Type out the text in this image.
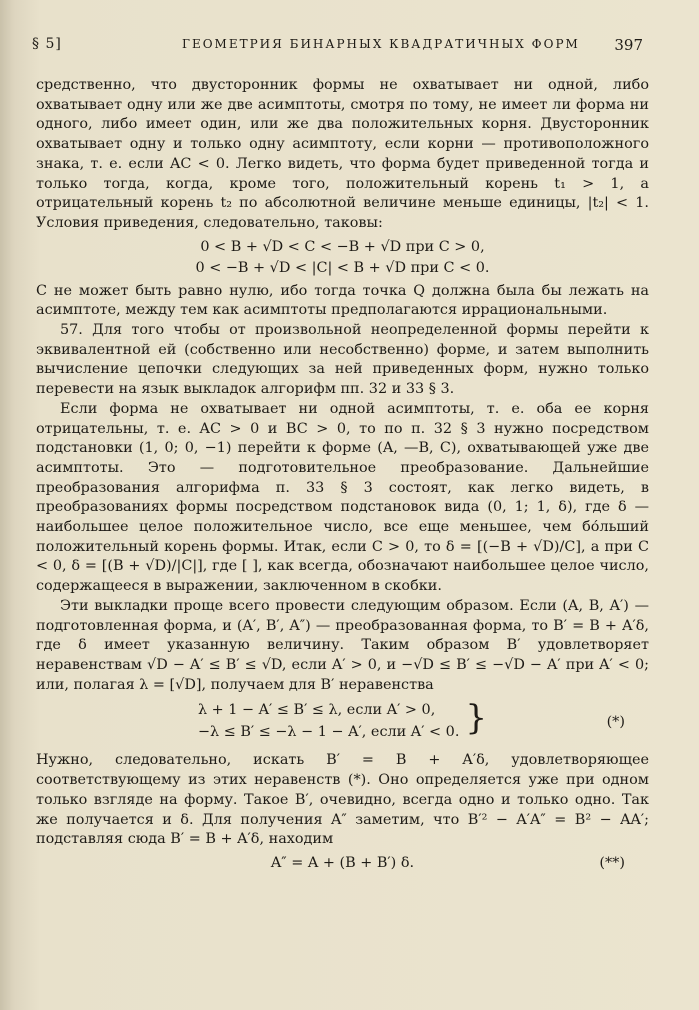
§ 5]	ГЕОМЕТРИЯ БИНАРНЫХ КВАДРАТИЧНЫХ ФОРМ 397

средственно, что двусторонник формы не охватывает ни одной, либо охватывает одну или же две асимптоты, смотря по тому, не имеет ли форма ни одного, либо имеет один, или же два положительных корня. Двусторонник охватывает одну и только одну асимптоту, если корни — противоположного знака, т. е. если AC < 0. Легко видеть, что форма будет приведенной тогда и только тогда, когда, кроме того, положительный корень t₁ > 1, а отрицательный корень t₂ по абсолютной величине меньше единицы, |t₂| < 1. Условия приведения, следовательно, таковы:

0 < B + √D < C < −B + √D при C > 0,
0 < −B + √D < |C| < B + √D при C < 0.

C не может быть равно нулю, ибо тогда точка Q должна была бы лежать на асимптоте, между тем как асимптоты предполагаются иррациональными.

57. Для того чтобы от произвольной неопределенной формы перейти к эквивалентной ей (собственно или несобственно) форме, и затем выполнить вычисление цепочки следующих за ней приведенных форм, нужно только перевести на язык выкладок алгорифм пп. 32 и 33 § 3.

Если форма не охватывает ни одной асимптоты, т. е. оба ее корня отрицательны, т. е. AC > 0 и BC > 0, то по п. 32 § 3 нужно посредством подстановки (1, 0; 0, −1) перейти к форме (A, —B, C), охватывающей уже две асимптоты. Это — подготовительное преобразование. Дальнейшие преобразования алгорифма п. 33 § 3 состоят, как легко видеть, в преобразованиях формы посредством подстановок вида (0, 1; 1, δ), где δ — наибольшее целое положительное число, все еще меньшее, чем бо́льший положительный корень формы. Итак, если C > 0, то δ = [(−B + √D)/C], а при C < 0, δ = [(B + √D)/|C|], где [ ], как всегда, обозначают наибольшее целое число, содержащееся в выражении, заключенном в скобки.

Эти выкладки проще всего провести следующим образом. Если (A, B, A′) — подготовленная форма, и (A′, B′, A″) — преобразованная форма, то B′ = B + A′δ, где δ имеет указанную величину. Таким образом B′ удовлетворяет неравенствам √D − A′ ≤ B′ ≤ √D, если A′ > 0, и −√D ≤ B′ ≤ −√D − A′ при A′ < 0; или, полагая λ = [√D], получаем для B′ неравенства

λ + 1 − A′ ≤ B′ ≤ λ, если A′ > 0,
−λ ≤ B′ ≤ −λ − 1 − A′, если A′ < 0. }	(*)

Нужно, следовательно, искать B′ = B + A′δ, удовлетворяющее соответствующему из этих неравенств (*). Оно определяется уже при одном только взгляде на форму. Такое B′, очевидно, всегда одно и только одно. Так же получается и δ. Для получения A″ заметим, что B′² − A′A″ = B² − AA′; подставляя сюда B′ = B + A′δ, находим

A″ = A + (B + B′) δ.	(**)
